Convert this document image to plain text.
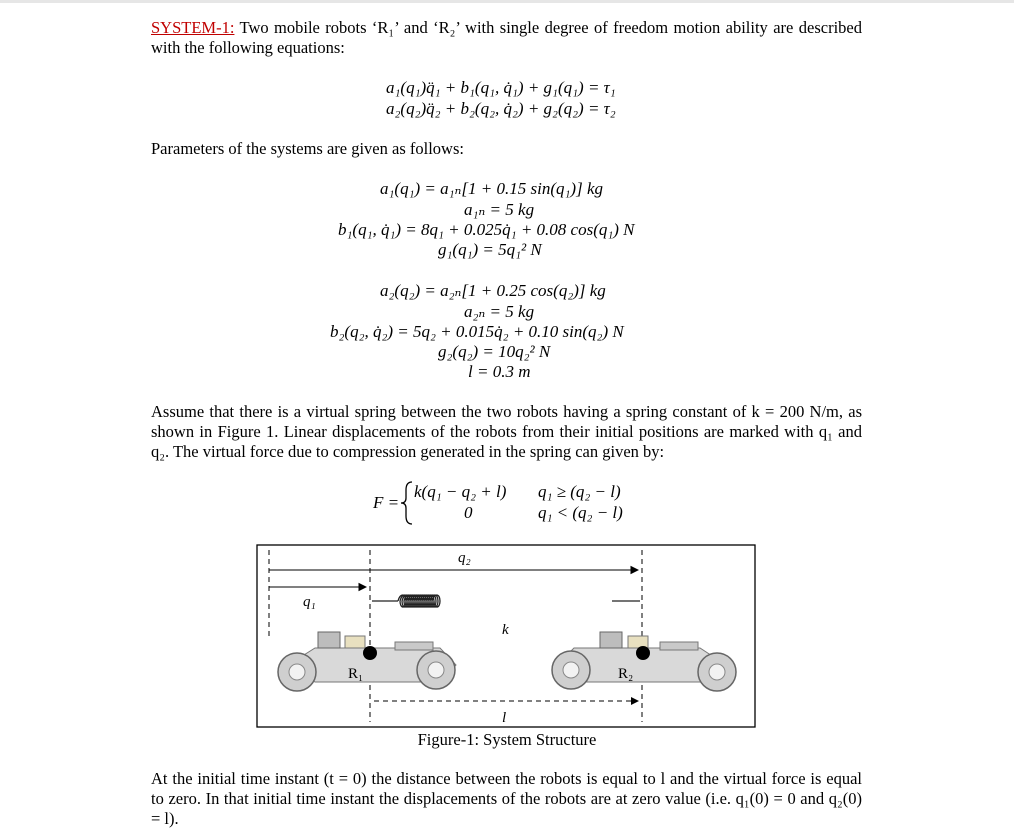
SYSTEM-1: Two mobile robots ‘R₁’ and ‘R₂’ with single degree of freedom motion ability are described with the following equations:
a₁(q₁)q̈₁ + b₁(q₁, q̇₁) + g₁(q₁) = τ₁
a₂(q₂)q̈₂ + b₂(q₂, q̇₂) + g₂(q₂) = τ₂
Parameters of the systems are given as follows:
a₁(q₁) = a₁ₙ[1 + 0.15 sin(q₁)] kg
a₁ₙ = 5 kg
b₁(q₁, q̇₁) = 8q₁ + 0.025q̇₁ + 0.08 cos(q₁) N
g₁(q₁) = 5q₁² N
a₂(q₂) = a₂ₙ[1 + 0.25 cos(q₂)] kg
a₂ₙ = 5 kg
b₂(q₂, q̇₂) = 5q₂ + 0.015q̇₂ + 0.10 sin(q₂) N
g₂(q₂) = 10q₂² N
l = 0.3 m
Assume that there is a virtual spring between the two robots having a spring constant of k = 200 N/m, as shown in Figure 1. Linear displacements of the robots from their initial positions are marked with q₁ and q₂. The virtual force due to compression generated in the spring can given by:
F =
k(q₁ − q₂ + l) q₁ ≥ (q₂ − l)
0	q₁ < (q₂ − l)
q₂
q₁
k
R₁	R₂
l
Figure-1: System Structure
At the initial time instant (t = 0) the distance between the robots is equal to l and the virtual force is equal to zero. In that initial time instant the displacements of the robots are at zero value (i.e. q₁(0) = 0 and q₂(0) = l).
